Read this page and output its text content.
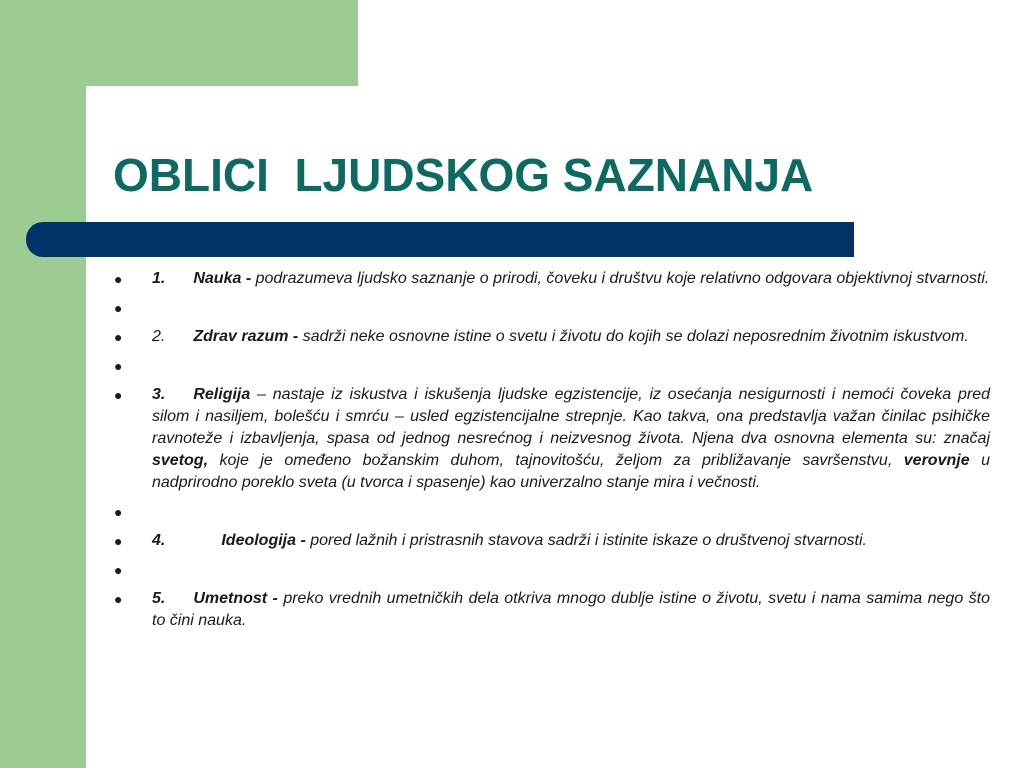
OBLICI  LJUDSKOG SAZNANJA
● 1. Nauka - podrazumeva ljudsko saznanje o prirodi, čoveku i društvu koje relativno odgovara objektivnoj stvarnosti.
●
● 2. Zdrav razum - sadrži neke osnovne istine o svetu i životu do kojih se dolazi neposrednim životnim iskustvom.
●
● 3. Religija – nastaje iz iskustva i iskušenja ljudske egzistencije, iz osećanja nesigurnosti i nemoći čoveka pred silom i nasiljem, bolešću i smrću – usled egzistencijalne strepnje. Kao takva, ona predstavlja važan činilac psihičke ravnoteže i izbavljenja, spasa od jednog nesrećnog i neizvesnog života. Njena dva osnovna elementa su: značaj svetog, koje je omeđeno božanskim duhom, tajnovitošću, željom za približavanje savršenstvu, verovnje u nadprirodno poreklo sveta (u tvorca i spasenje) kao univerzalno stanje mira i večnosti.
●
● 4.	Ideologija - pored lažnih i pristrasnih stavova sadrži i istinite iskaze o društvenoj stvarnosti.
●
● 5. Umetnost - preko vrednih umetničkih dela otkriva mnogo dublje istine o životu, svetu i nama samima nego što to čini nauka.
